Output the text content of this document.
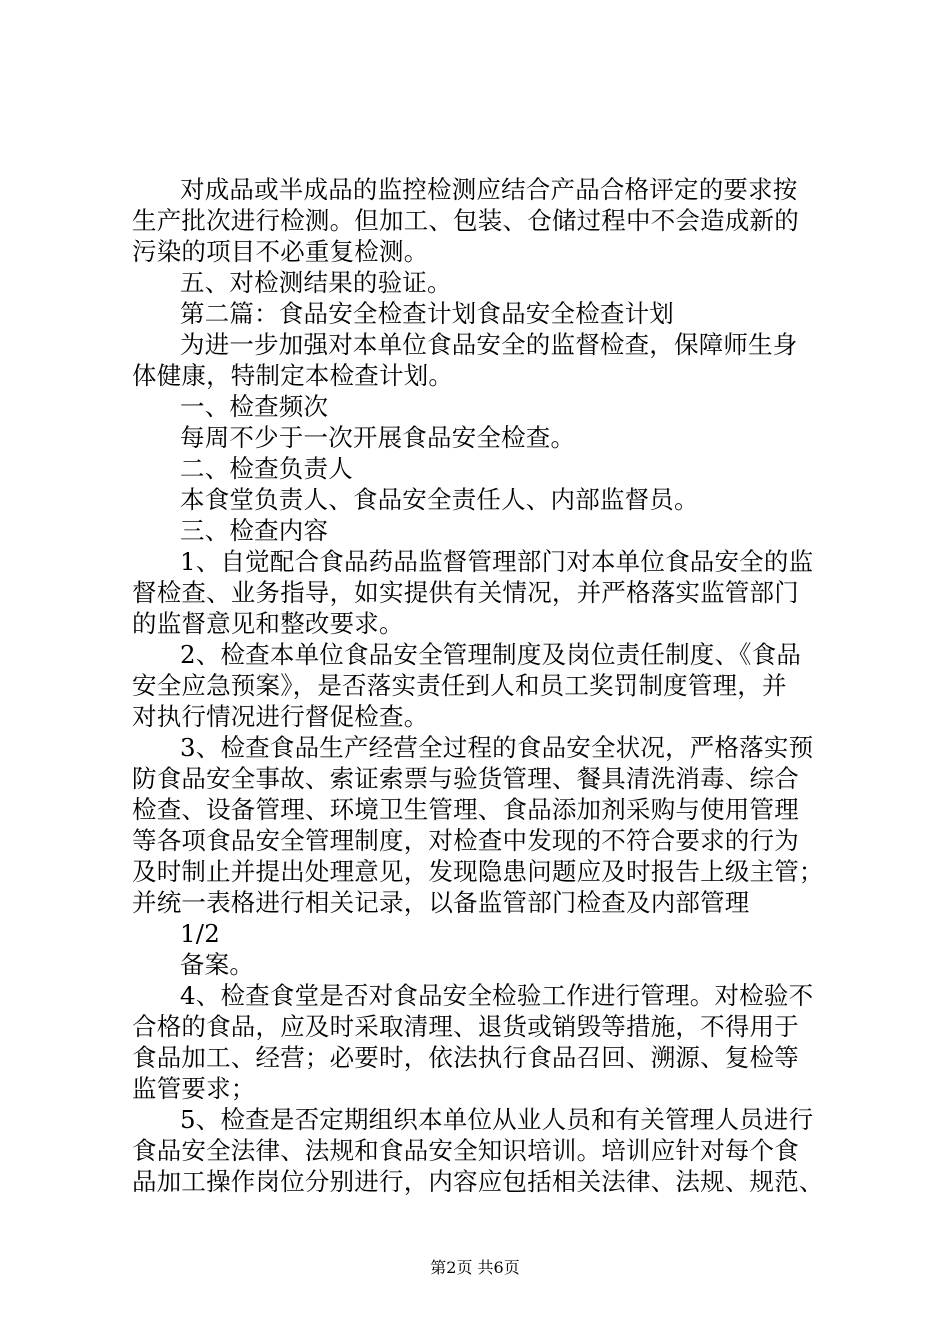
对成品或半成品的监控检测应结合产品合格评定的要求按
生产批次进行检测。但加工、包装、仓储过程中不会造成新的
污染的项目不必重复检测。
五、对检测结果的验证。
第二篇：食品安全检查计划食品安全检查计划
为进一步加强对本单位食品安全的监督检查，保障师生身
体健康，特制定本检查计划。
一、检查频次
每周不少于一次开展食品安全检查。
二、检查负责人
本食堂负责人、食品安全责任人、内部监督员。
三、检查内容
1、自觉配合食品药品监督管理部门对本单位食品安全的监
督检查、业务指导，如实提供有关情况，并严格落实监管部门
的监督意见和整改要求。
2、检查本单位食品安全管理制度及岗位责任制度、《食品
安全应急预案》，是否落实责任到人和员工奖罚制度管理，并
对执行情况进行督促检查。
3、检查食品生产经营全过程的食品安全状况，严格落实预
防食品安全事故、索证索票与验货管理、餐具清洗消毒、综合
检查、设备管理、环境卫生管理、食品添加剂采购与使用管理
等各项食品安全管理制度，对检查中发现的不符合要求的行为
及时制止并提出处理意见，发现隐患问题应及时报告上级主管；
并统一表格进行相关记录，以备监管部门检查及内部管理
1/2
备案。
4、检查食堂是否对食品安全检验工作进行管理。对检验不
合格的食品，应及时采取清理、退货或销毁等措施，不得用于
食品加工、经营；必要时，依法执行食品召回、溯源、复检等
监管要求；
5、检查是否定期组织本单位从业人员和有关管理人员进行
食品安全法律、法规和食品安全知识培训。培训应针对每个食
品加工操作岗位分别进行，内容应包括相关法律、法规、规范、
第2页 共6页
